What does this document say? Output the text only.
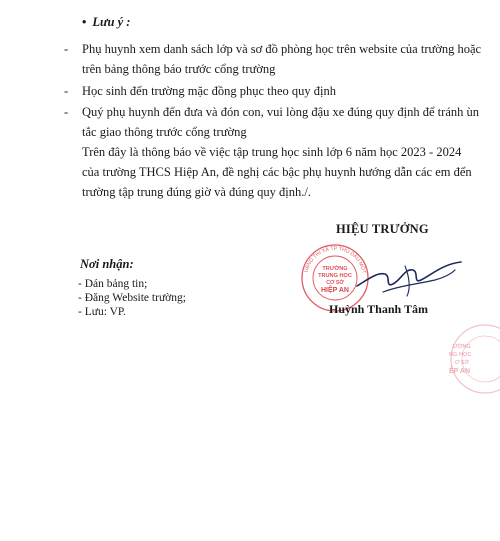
• Lưu ý :
- Phụ huynh xem danh sách lớp và sơ đồ phòng học trên website của trường hoặc
trên bảng thông báo trước cổng trường
- Học sinh đến trường mặc đồng phục theo quy định
- Quý phụ huynh đến đưa và đón con, vui lòng đậu xe đúng quy định để tránh ùn
tắc giao thông trước cổng trường
Trên đây là thông báo về việc tập trung học sinh lớp 6 năm học 2023 - 2024
của trường THCS Hiệp An, đề nghị các bậc phụ huynh hướng dẫn các em đến
trường tập trung đúng giờ và đúng quy định./.
HIỆU TRƯỞNG
UBND THỊ XÃ TP THỦ DẦU MỘT
TRƯỜNG
TRUNG HỌC
CƠ SỞ
HIỆP AN
Huỳnh Thanh Tâm
Nơi nhận:
- Dán bảng tin;
- Đăng Website trường;
- Lưu: VP.
ƯỜNG
NG HỌC
Ơ SỞ
ÊP AN
